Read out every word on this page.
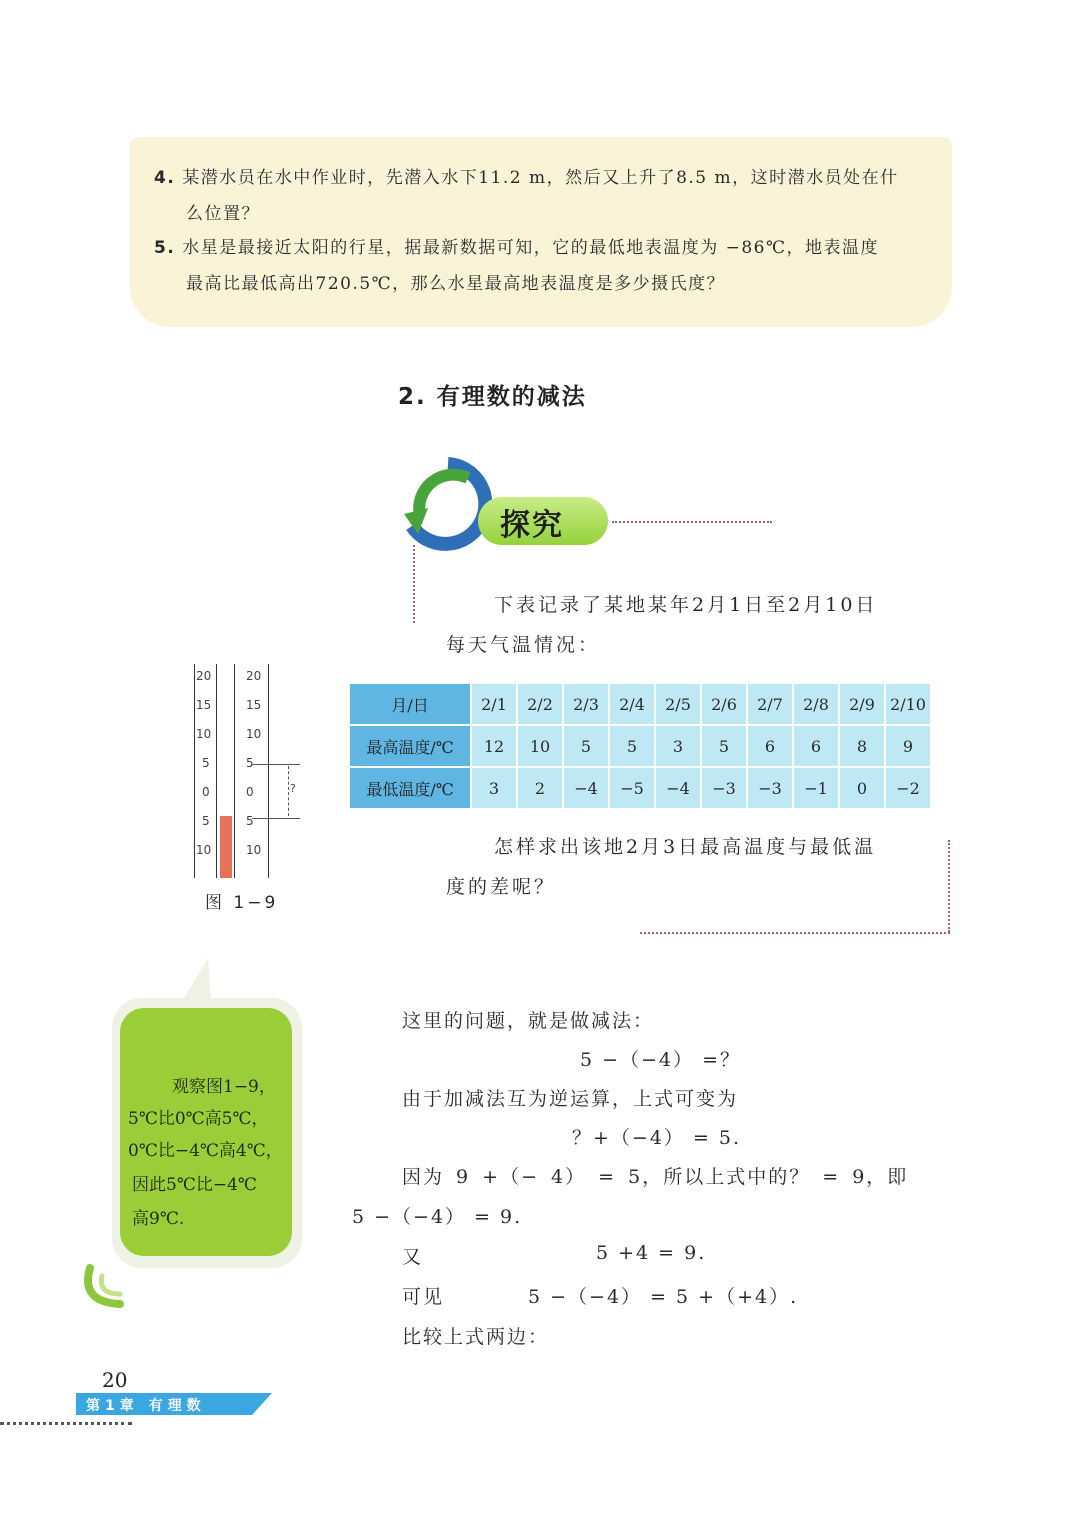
4. 某潜水员在水中作业时，先潜入水下11.2 m，然后又上升了8.5 m，这时潜水员处在什
么位置？
5. 水星是最接近太阳的行星，据最新数据可知，它的最低地表温度为 −86℃，地表温度
最高比最低高出720.5℃，那么水星最高地表温度是多少摄氏度？
2. 有理数的减法
探究
下表记录了某地某年2月1日至2月10日
每天气温情况：
20
15
10
5
0
5
10
20
15
10
5
0
5
10
?
图 1−9
月/日	2/1	2/2	2/3	2/4	2/5	2/6	2/7	2/8	2/9	2/10
最高温度/℃	12	10	5	5	3	5	6	6	8	9
最低温度/℃	3	2	−4	−5	−4	−3	−3	−1	0	−2
怎样求出该地2月3日最高温度与最低温
度的差呢？
观察图1−9，
5℃比0℃高5℃，
0℃比−4℃高4℃，
因此5℃比−4℃
高9℃.
这里的问题，就是做减法：
5 −（−4） =？
由于加减法互为逆运算，上式可变为
？+（−4） = 5.
因为 9 +（− 4） = 5，所以上式中的？ = 9，即
5 −（−4） = 9.
又	5 +4 = 9.
可见	5 −（−4） = 5 +（+4）.
比较上式两边：
20
第1章 有理数
